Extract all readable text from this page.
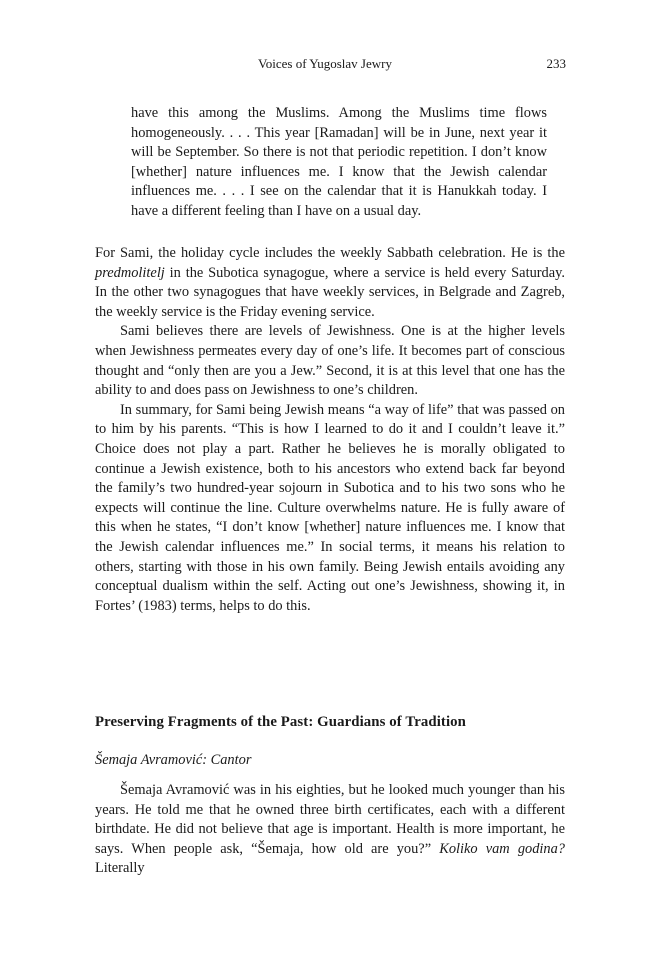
Voices of Yugoslav Jewry	233

have this among the Muslims. Among the Muslims time flows homogeneously. . . . This year [Ramadan] will be in June, next year it will be September. So there is not that periodic repetition. I don’t know [whether] nature influences me. I know that the Jewish calendar influences me. . . . I see on the calendar that it is Hanukkah today. I have a different feeling than I have on a usual day.

For Sami, the holiday cycle includes the weekly Sabbath celebration. He is the predmolitelj in the Subotica synagogue, where a service is held every Saturday. In the other two synagogues that have weekly services, in Belgrade and Zagreb, the weekly service is the Friday evening service.

Sami believes there are levels of Jewishness. One is at the higher levels when Jewishness permeates every day of one’s life. It becomes part of conscious thought and “only then are you a Jew.” Second, it is at this level that one has the ability to and does pass on Jewishness to one’s children.

In summary, for Sami being Jewish means “a way of life” that was passed on to him by his parents. “This is how I learned to do it and I couldn’t leave it.” Choice does not play a part. Rather he believes he is morally obligated to continue a Jewish existence, both to his ancestors who extend back far beyond the family’s two hundred-year sojourn in Subotica and to his two sons who he expects will continue the line. Culture overwhelms nature. He is fully aware of this when he states, “I don’t know [whether] nature influences me. I know that the Jewish calendar influences me.” In social terms, it means his relation to others, starting with those in his own family. Being Jewish entails avoiding any conceptual dualism within the self. Acting out one’s Jewishness, showing it, in Fortes’ (1983) terms, helps to do this.

Preserving Fragments of the Past: Guardians of Tradition
Šemaja Avramović: Cantor

Šemaja Avramović was in his eighties, but he looked much younger than his years. He told me that he owned three birth certificates, each with a different birthdate. He did not believe that age is important. Health is more important, he says. When people ask, “Šemaja, how old are you?” Koliko vam godina? Literally
